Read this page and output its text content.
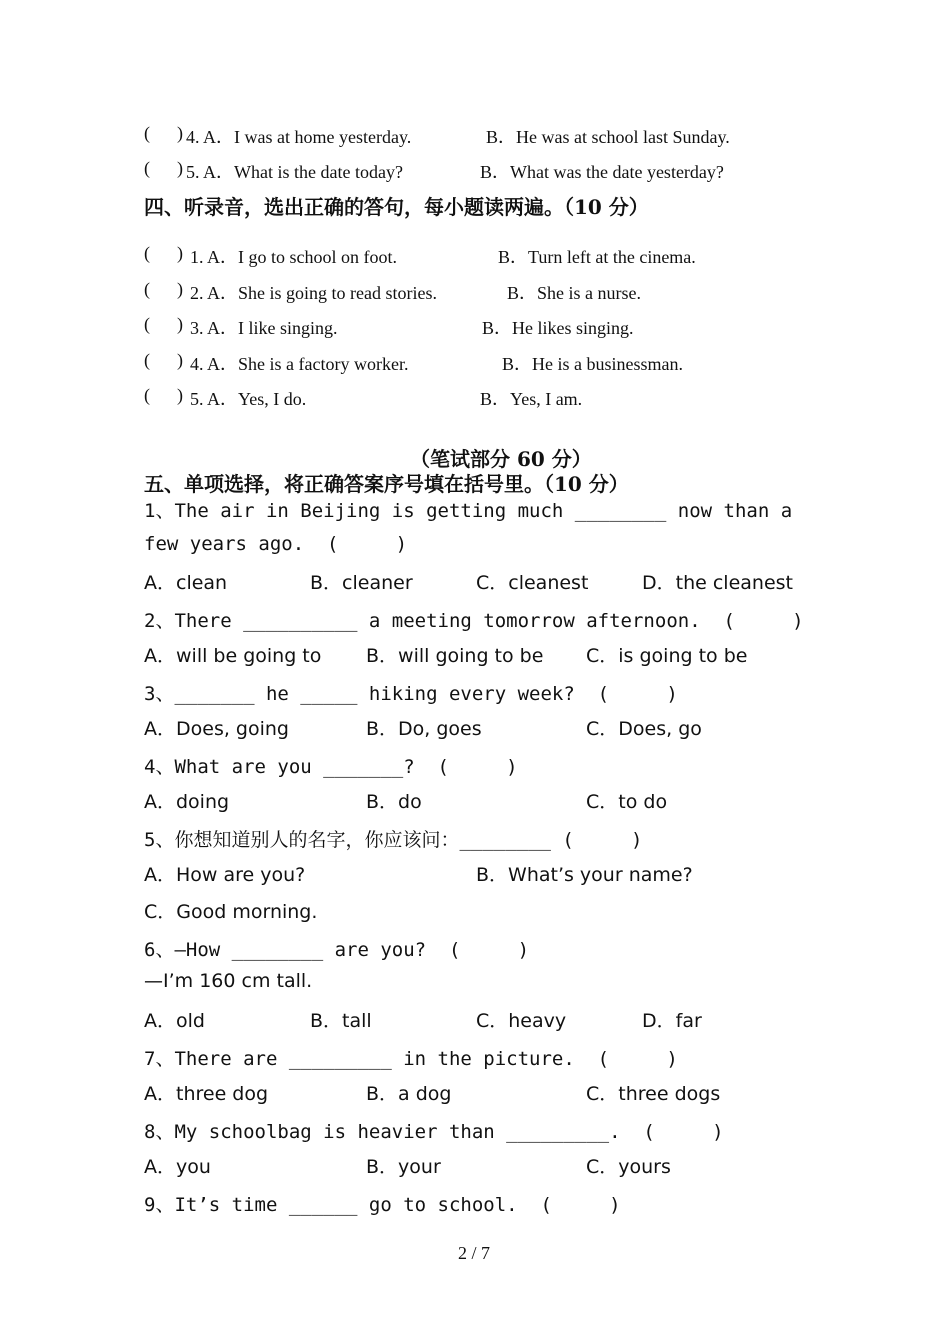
(      ) 4. A．I was at home yesterday.	B．He was at school last Sunday.
(      ) 5. A．What is the date today?	B．What was the date yesterday?
四、听录音，选出正确的答句，每小题读两遍。（10 分）
(      ) 1. A．I go to school on foot.	B．Turn left at the cinema.
(      ) 2. A．She is going to read stories.	B．She is a nurse.
(      ) 3. A．I like singing.	B．He likes singing.
(      ) 4. A．She is a factory worker.	B．He is a businessman.
(      ) 5. A．Yes, I do.	B．Yes, I am.
（笔试部分 60 分）
五、单项选择，将正确答案序号填在括号里。（10 分）
1、The air in Beijing is getting much ________ now than a
few years ago.  (     )
A．clean	B．cleaner	C．cleanest	D．the cleanest
2、There __________ a meeting tomorrow afternoon.  (     )
A．will be going to B．will going to be C．is going to be
3、_______ he _____ hiking every week?  (     )
A．Does, going	B．Do, goes	C．Does, go
4、What are you _______?  (     )
A．doing	B．do	C．to do
5、你想知道别人的名字，你应该问：________ (     )
A．How are you?	B．What’s your name?
C．Good morning.
6、—How ________ are you?  (     )
—I’m 160 cm tall.
A．old	B．tall	C．heavy	D．far
7、There are _________ in the picture.  (     )
A．three dog	B．a dog	C．three dogs
8、My schoolbag is heavier than _________.  (     )
A．you	B．your	C．yours
9、It’s time ______ go to school.  (     )
2 / 7
